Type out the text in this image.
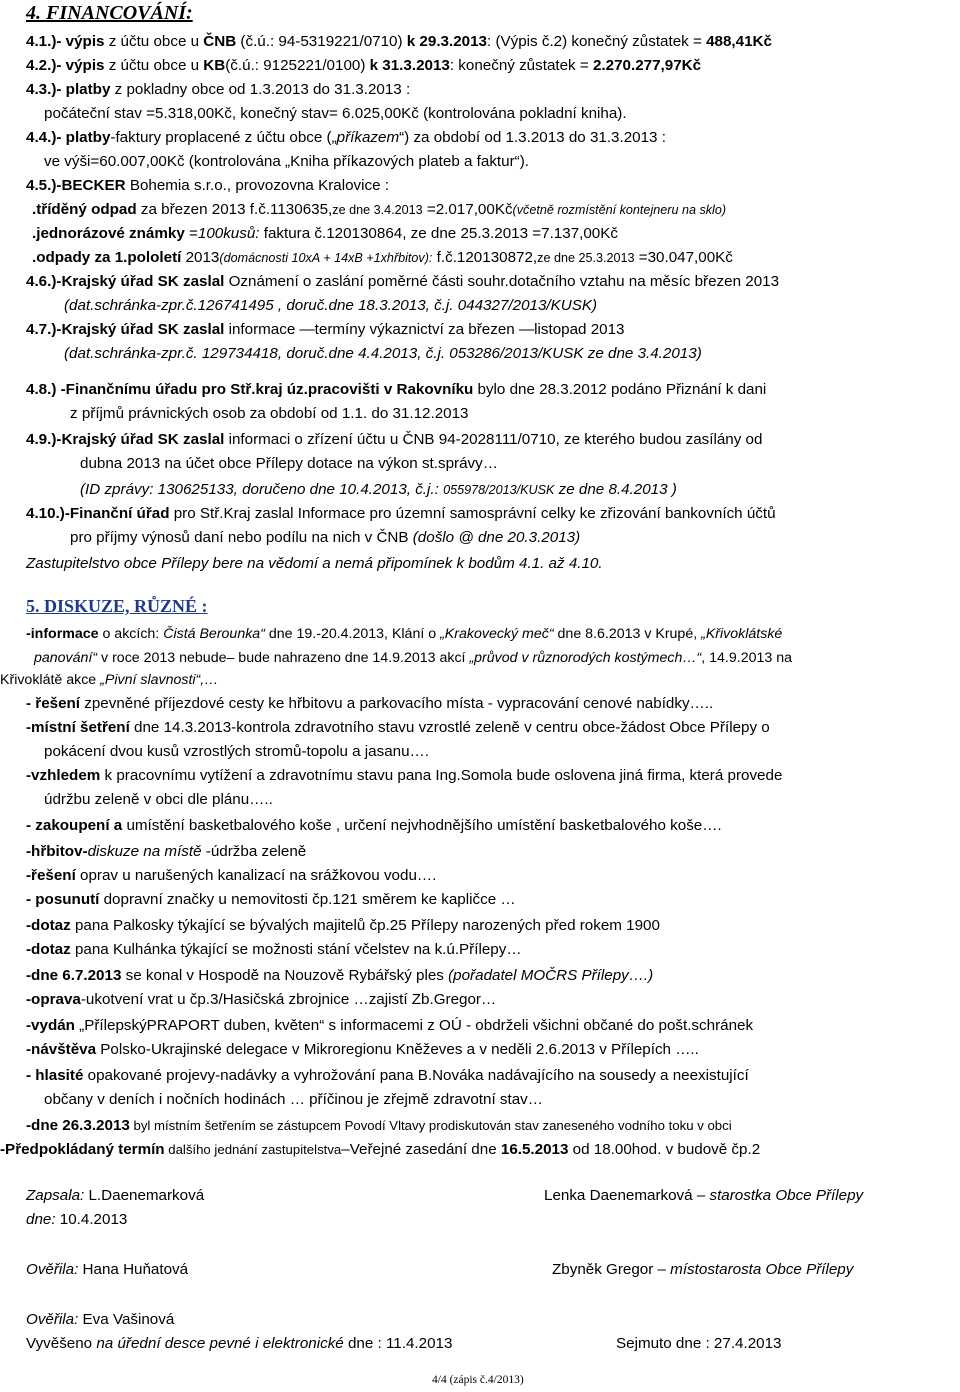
4. FINANCOVÁNÍ:
4.1.)- výpis z účtu obce u ČNB (č.ú.: 94-5319221/0710) k 29.3.2013: (Výpis č.2) konečný zůstatek = 488,41Kč
4.2.)- výpis z účtu obce u KB(č.ú.: 9125221/0100) k 31.3.2013: konečný zůstatek = 2.270.277,97Kč
4.3.)- platby z pokladny obce od 1.3.2013 do 31.3.2013 :
počáteční stav =5.318,00Kč, konečný stav= 6.025,00Kč (kontrolována pokladní kniha).
4.4.)- platby-faktury proplacené z účtu obce („příkazem“) za období od 1.3.2013 do 31.3.2013 :
ve výši=60.007,00Kč (kontrolována „Kniha příkazových plateb a faktur“).
4.5.)-BECKER Bohemia s.r.o., provozovna Kralovice :
.tříděný odpad za březen 2013 f.č.1130635,ze dne 3.4.2013 =2.017,00Kč(včetně rozmístění kontejneru na sklo)
.jednorázové známky =100kusů: faktura č.120130864, ze dne 25.3.2013 =7.137,00Kč
.odpady za 1.pololetí 2013(domácnosti 10xA + 14xB +1xhřbitov): f.č.120130872,ze dne 25.3.2013 =30.047,00Kč
4.6.)-Krajský úřad SK zaslal Oznámení o zaslání poměrné části souhr.dotačního vztahu na měsíc březen 2013
(dat.schránka-zpr.č.126741495 , doruč.dne 18.3.2013, č.j. 044327/2013/KUSK)
4.7.)-Krajský úřad SK zaslal informace —termíny výkaznictví za březen —listopad 2013
(dat.schránka-zpr.č. 129734418, doruč.dne 4.4.2013, č.j. 053286/2013/KUSK ze dne 3.4.2013)
4.8.) -Finančnímu úřadu pro Stř.kraj úz.pracovišti v Rakovníku bylo dne 28.3.2012 podáno Přiznání k dani
z příjmů právnických osob za období od 1.1. do 31.12.2013
4.9.)-Krajský úřad SK zaslal informaci o zřízení účtu u ČNB 94-2028111/0710, ze kterého budou zasílány od
dubna 2013 na účet obce Přílepy dotace na výkon st.správy…
(ID zprávy: 130625133, doručeno dne 10.4.2013, č.j.: 055978/2013/KUSK ze dne 8.4.2013 )
4.10.)-Finanční úřad pro Stř.Kraj zaslal Informace pro územní samosprávní celky ke zřizování bankovních účtů
pro příjmy výnosů daní nebo podílu na nich v ČNB (došlo @ dne 20.3.2013)
Zastupitelstvo obce Přílepy bere na vědomí a nemá připomínek k bodům 4.1. až 4.10.
5. DISKUZE, RŮZNÉ :
-informace o akcích: Čistá Berounka“ dne 19.-20.4.2013, Klání o „Krakovecký meč“ dne 8.6.2013 v Krupé, „Křivoklátské
panování“ v roce 2013 nebude– bude nahrazeno dne 14.9.2013 akcí „průvod v různorodých kostýmech…“, 14.9.2013 na
Křivoklátě akce „Pivní slavnosti“,…
- řešení zpevněné příjezdové cesty ke hřbitovu a parkovacího místa - vypracování cenové nabídky…..
-místní šetření dne 14.3.2013-kontrola zdravotního stavu vzrostlé zeleně v centru obce-žádost Obce Přílepy o
pokácení dvou kusů vzrostlých stromů-topolu a jasanu….
-vzhledem k pracovnímu vytížení a zdravotnímu stavu pana Ing.Somola bude oslovena jiná firma, která provede
údržbu zeleně v obci dle plánu…..
- zakoupení a umístění basketbalového koše , určení nejvhodnějšího umístění basketbalového koše….
-hřbitov-diskuze na místě -údržba zeleně
-řešení oprav u narušených kanalizací na srážkovou vodu….
- posunutí dopravní značky u nemovitosti čp.121 směrem ke kapličce …
-dotaz pana Palkosky týkající se bývalých majitelů čp.25 Přílepy narozených před rokem 1900
-dotaz pana Kulhánka týkající se možnosti stání včelstev na k.ú.Přílepy…
-dne 6.7.2013 se konal v Hospodě na Nouzově Rybářský ples (pořadatel MOČRS Přílepy….)
-oprava-ukotvení vrat u čp.3/Hasičská zbrojnice …zajistí Zb.Gregor…
-vydán „PřílepskýPRAPORT duben, květen“ s informacemi z OÚ - obdrželi všichni občané do pošt.schránek
-návštěva Polsko-Ukrajinské delegace v Mikroregionu Kněževes a v neděli 2.6.2013 v Přílepích …..
- hlasité opakované projevy-nadávky a vyhrožování pana B.Nováka nadávajícího na sousedy a neexistující
občany v deních i nočních hodinách … příčinou je zřejmě zdravotní stav…
-dne 26.3.2013 byl místním šetřením se zástupcem Povodí Vltavy prodiskutován stav zaneseného vodního toku v obci
-Předpokládaný termín dalšího jednání zastupitelstva–Veřejné zasedání dne 16.5.2013 od 18.00hod. v budově čp.2
Zapsala: L.Daenemarková	Lenka Daenemarková – starostka Obce Přílepy
dne: 10.4.2013
Ověřila: Hana Huňatová	Zbyněk Gregor – místostarosta Obce Přílepy
Ověřila: Eva Vašinová
Vyvěšeno na úřední desce pevné i elektronické dne : 11.4.2013	Sejmuto dne : 27.4.2013
4/4 (zápis č.4/2013)
